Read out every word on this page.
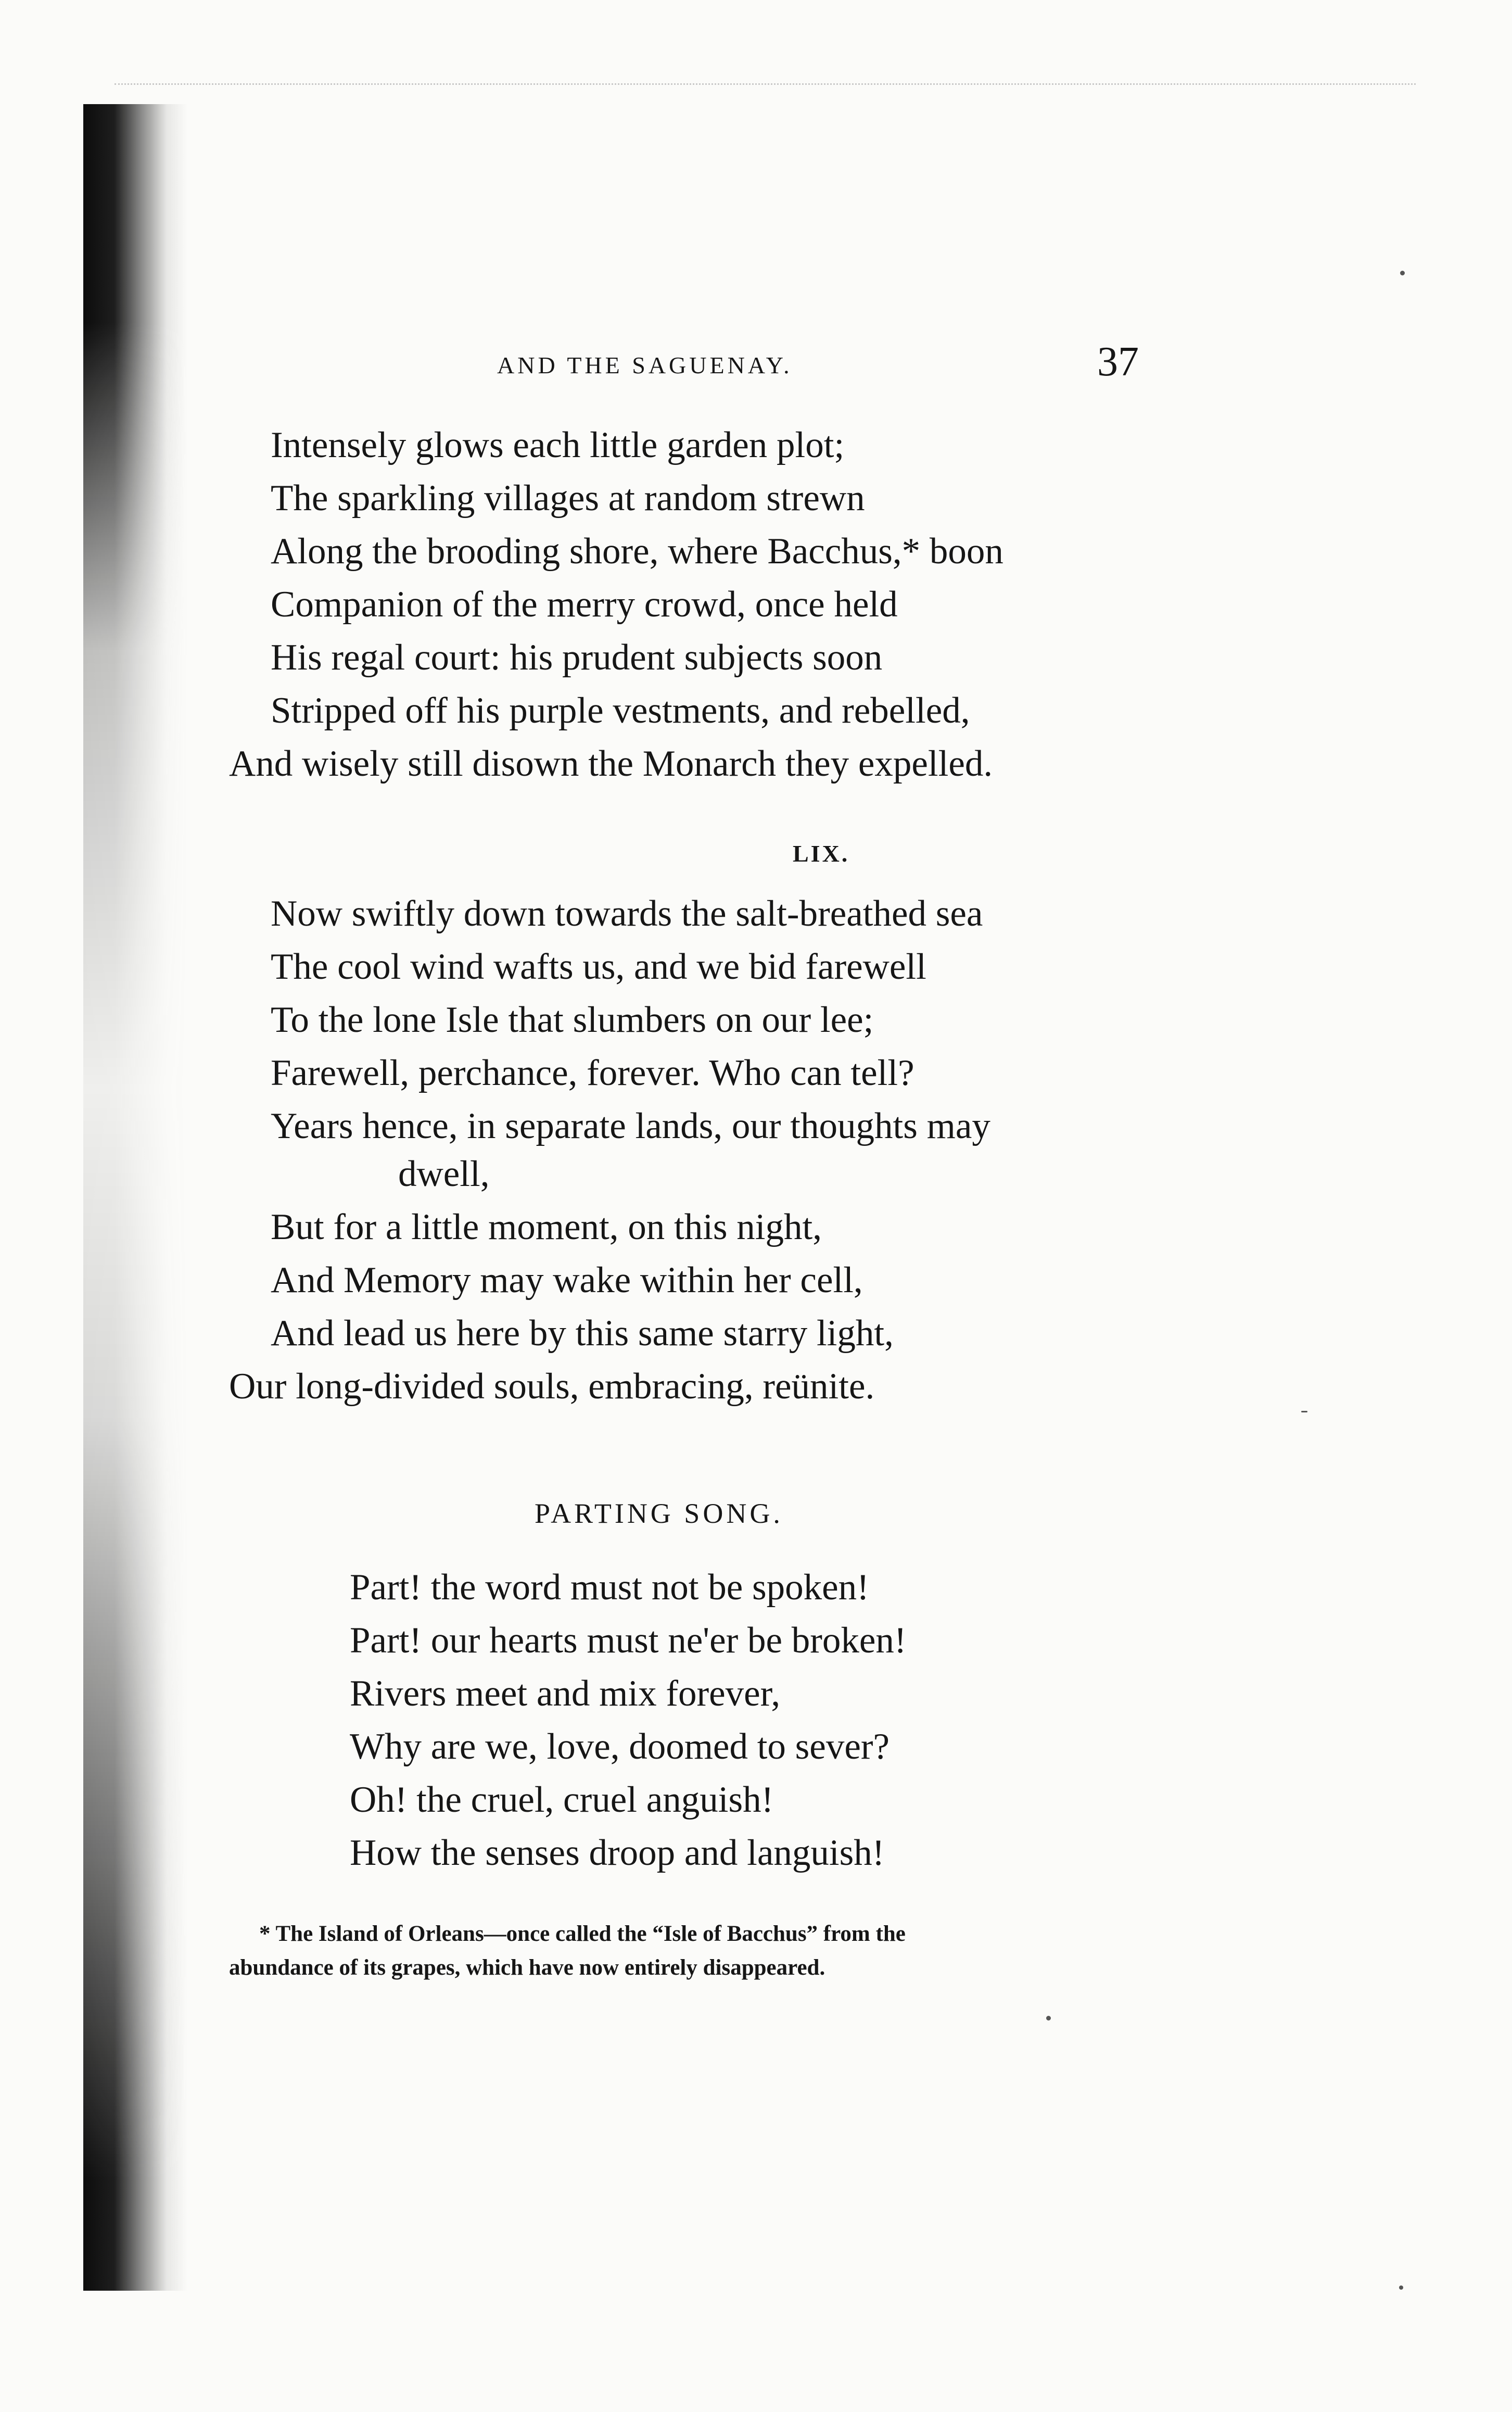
AND THE SAGUENAY.	37
Intensely glows each little garden plot;
The sparkling villages at random strewn
Along the brooding shore, where Bacchus,* boon
Companion of the merry crowd, once held
His regal court: his prudent subjects soon
Stripped off his purple vestments, and rebelled,
And wisely still disown the Monarch they expelled.
LIX.
Now swiftly down towards the salt-breathed sea
The cool wind wafts us, and we bid farewell
To the lone Isle that slumbers on our lee;
Farewell, perchance, forever. Who can tell?
Years hence, in separate lands, our thoughts may
dwell,
But for a little moment, on this night,
And Memory may wake within her cell,
And lead us here by this same starry light,
Our long-divided souls, embracing, reünite.
PARTING SONG.
Part! the word must not be spoken!
Part! our hearts must ne'er be broken!
Rivers meet and mix forever,
Why are we, love, doomed to sever?
Oh! the cruel, cruel anguish!
How the senses droop and languish!
* The Island of Orleans—once called the “Isle of Bacchus” from the
abundance of its grapes, which have now entirely disappeared.
